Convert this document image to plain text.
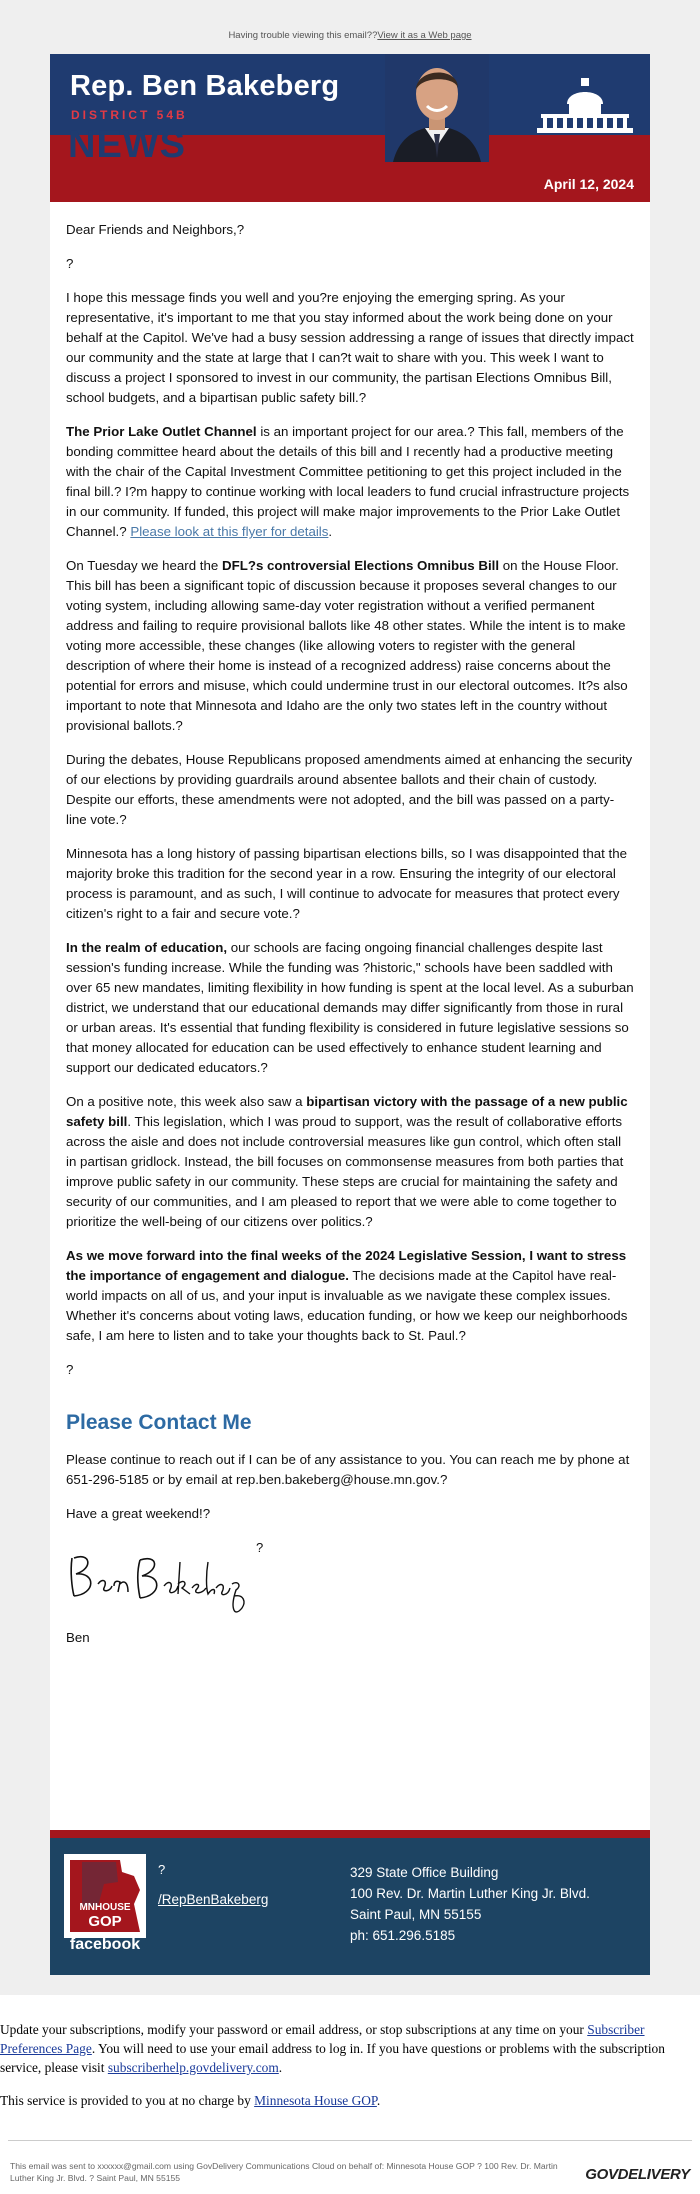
Having trouble viewing this email??View it as a Web page
Rep. Ben Bakeberg
DISTRICT 54B
NEWS
April 12, 2024

Dear Friends and Neighbors,?

?

I hope this message finds you well and you?re enjoying the emerging spring. As your representative, it's important to me that you stay informed about the work being done on your behalf at the Capitol. We've had a busy session addressing a range of issues that directly impact our community and the state at large that I can?t wait to share with you. This week I want to discuss a project I sponsored to invest in our community, the partisan Elections Omnibus Bill, school budgets, and a bipartisan public safety bill.?

The Prior Lake Outlet Channel is an important project for our area.? This fall, members of the bonding committee heard about the details of this bill and I recently had a productive meeting with the chair of the Capital Investment Committee petitioning to get this project included in the final bill.? I?m happy to continue working with local leaders to fund crucial infrastructure projects in our community. If funded, this project will make major improvements to the Prior Lake Outlet Channel.? Please look at this flyer for details.

On Tuesday we heard the DFL?s controversial Elections Omnibus Bill on the House Floor. This bill has been a significant topic of discussion because it proposes several changes to our voting system, including allowing same-day voter registration without a verified permanent address and failing to require provisional ballots like 48 other states. While the intent is to make voting more accessible, these changes (like allowing voters to register with the general description of where their home is instead of a recognized address) raise concerns about the potential for errors and misuse, which could undermine trust in our electoral outcomes. It?s also important to note that Minnesota and Idaho are the only two states left in the country without provisional ballots.?

During the debates, House Republicans proposed amendments aimed at enhancing the security of our elections by providing guardrails around absentee ballots and their chain of custody. Despite our efforts, these amendments were not adopted, and the bill was passed on a party-line vote.?

Minnesota has a long history of passing bipartisan elections bills, so I was disappointed that the majority broke this tradition for the second year in a row. Ensuring the integrity of our electoral process is paramount, and as such, I will continue to advocate for measures that protect every citizen's right to a fair and secure vote.?

In the realm of education, our schools are facing ongoing financial challenges despite last session's funding increase. While the funding was ?historic," schools have been saddled with over 65 new mandates, limiting flexibility in how funding is spent at the local level. As a suburban district, we understand that our educational demands may differ significantly from those in rural or urban areas. It's essential that funding flexibility is considered in future legislative sessions so that money allocated for education can be used effectively to enhance student learning and support our dedicated educators.?

On a positive note, this week also saw a bipartisan victory with the passage of a new public safety bill. This legislation, which I was proud to support, was the result of collaborative efforts across the aisle and does not include controversial measures like gun control, which often stall in partisan gridlock. Instead, the bill focuses on commonsense measures from both parties that improve public safety in our community. These steps are crucial for maintaining the safety and security of our communities, and I am pleased to report that we were able to come together to prioritize the well-being of our citizens over politics.?

As we move forward into the final weeks of the 2024 Legislative Session, I want to stress the importance of engagement and dialogue. The decisions made at the Capitol have real-world impacts on all of us, and your input is invaluable as we navigate these complex issues. Whether it's concerns about voting laws, education funding, or how we keep our neighborhoods safe, I am here to listen and to take your thoughts back to St. Paul.?

?

Please Contact Me

Please continue to reach out if I can be of any assistance to you. You can reach me by phone at 651-296-5185 or by email at rep.ben.bakeberg@house.mn.gov.?

Have a great weekend!?

?

Ben

MNHOUSE
GOP
facebook
?
/RepBenBakeberg
329 State Office Building
100 Rev. Dr. Martin Luther King Jr. Blvd.
Saint Paul, MN 55155
ph: 651.296.5185

Update your subscriptions, modify your password or email address, or stop subscriptions at any time on your Subscriber Preferences Page. You will need to use your email address to log in. If you have questions or problems with the subscription service, please visit subscriberhelp.govdelivery.com.

This service is provided to you at no charge by Minnesota House GOP.

This email was sent to xxxxxx@gmail.com using GovDelivery Communications Cloud on behalf of: Minnesota House GOP ? 100 Rev. Dr. Martin Luther King Jr. Blvd. ? Saint Paul, MN 55155	GOVDELIVERY
